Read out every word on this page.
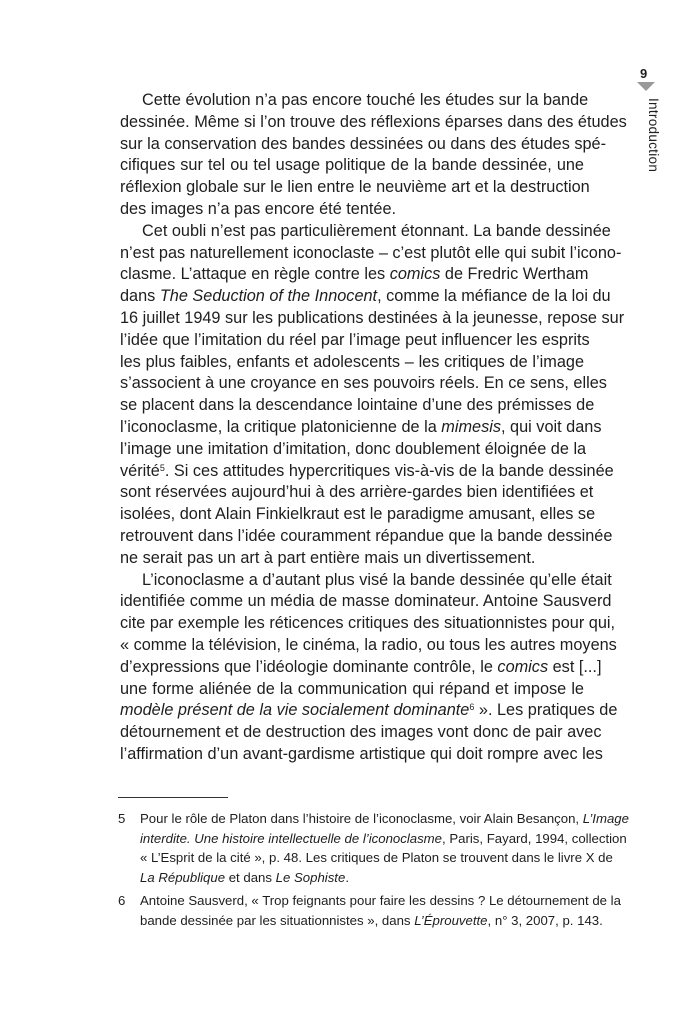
9
Introduction
Cette évolution n’a pas encore touché les études sur la bande
dessinée. Même si l’on trouve des réflexions éparses dans des études
sur la conservation des bandes dessinées ou dans des études spé-
cifiques sur tel ou tel usage politique de la bande dessinée, une
réflexion globale sur le lien entre le neuvième art et la destruction
des images n’a pas encore été tentée.
Cet oubli n’est pas particulièrement étonnant. La bande dessinée
n’est pas naturellement iconoclaste – c’est plutôt elle qui subit l’icono-
clasme. L’attaque en règle contre les comics de Fredric Wertham
dans The Seduction of the Innocent, comme la méfiance de la loi du
16 juillet 1949 sur les publications destinées à la jeunesse, repose sur
l’idée que l’imitation du réel par l’image peut influencer les esprits
les plus faibles, enfants et adolescents – les critiques de l’image
s’associent à une croyance en ses pouvoirs réels. En ce sens, elles
se placent dans la descendance lointaine d’une des prémisses de
l’iconoclasme, la critique platonicienne de la mimesis, qui voit dans
l’image une imitation d’imitation, donc doublement éloignée de la
vérité$^5$. Si ces attitudes hypercritiques vis-à-vis de la bande dessinée
sont réservées aujourd’hui à des arrière-gardes bien identifiées et
isolées, dont Alain Finkielkraut est le paradigme amusant, elles se
retrouvent dans l’idée couramment répandue que la bande dessinée
ne serait pas un art à part entière mais un divertissement.
L’iconoclasme a d’autant plus visé la bande dessinée qu’elle était
identifiée comme un média de masse dominateur. Antoine Sausverd
cite par exemple les réticences critiques des situationnistes pour qui,
« comme la télévision, le cinéma, la radio, ou tous les autres moyens
d’expressions que l’idéologie dominante contrôle, le comics est [...]
une forme aliénée de la communication qui répand et impose le
modèle présent de la vie socialement dominante$^6$ ». Les pratiques de
détournement et de destruction des images vont donc de pair avec
l’affirmation d’un avant-gardisme artistique qui doit rompre avec les
5 Pour le rôle de Platon dans l’histoire de l’iconoclasme, voir Alain Besançon, L’Image
interdite. Une histoire intellectuelle de l’iconoclasme, Paris, Fayard, 1994, collection
« L’Esprit de la cité », p. 48. Les critiques de Platon se trouvent dans le livre X de
La République et dans Le Sophiste.
6 Antoine Sausverd, « Trop feignants pour faire les dessins ? Le détournement de la
bande dessinée par les situationnistes », dans L’Éprouvette, n° 3, 2007, p. 143.
